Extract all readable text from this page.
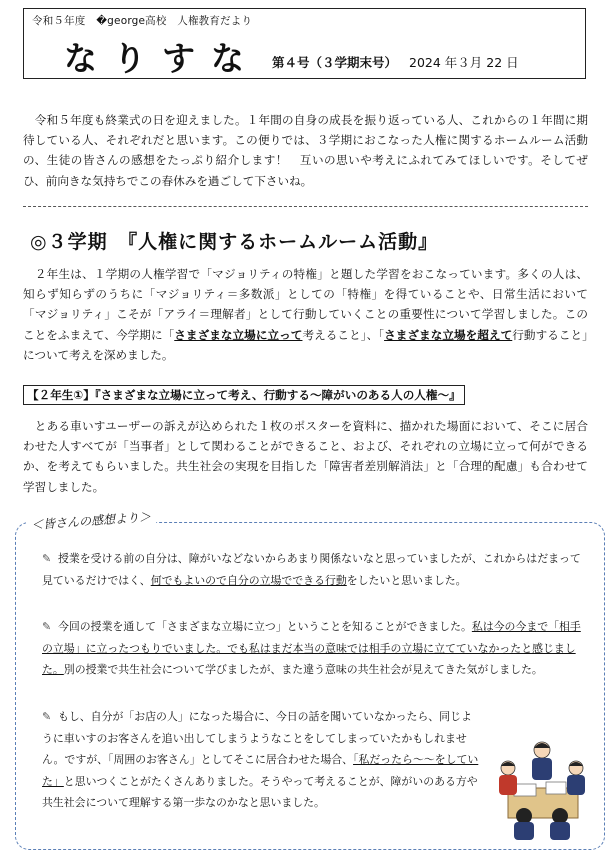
令和５年度　�george高校　人権教育だより
なりすな 第４号（３学期末号） 2024 年３月 22 日

　令和５年度も終業式の日を迎えました。１年間の自身の成長を振り返っている人、これからの１年間に期待している人、それぞれだと思います。この便りでは、３学期におこなった人権に関するホームルーム活動の、生徒の皆さんの感想をたっぷり紹介します！　互いの思いや考えにふれてみてほしいです。そしてぜひ、前向きな気持ちでこの春休みを過ごして下さいね。

◎３学期　『人権に関するホームルーム活動』

　２年生は、１学期の人権学習で「マジョリティの特権」と題した学習をおこなっています。多くの人は、知らず知らずのうちに「マジョリティ＝多数派」としての「特権」を得ていることや、日常生活において「マジョリティ」こそが「アライ＝理解者」として行動していくことの重要性について学習しました。このことをふまえて、今学期に「さまざまな立場に立って考えること」、「さまざまな立場を超えて行動すること」について考えを深めました。

【２年生①】『さまざまな立場に立って考え、行動する～障がいのある人の人権～』

　とある車いすユーザーの訴えが込められた１枚のポスターを資料に、描かれた場面において、そこに居合わせた人すべてが「当事者」として関わることができること、および、それぞれの立場に立って何ができるか、を考えてもらいました。共生社会の実現を目指した「障害者差別解消法」と「合理的配慮」も合わせて学習しました。

＜皆さんの感想より＞

✎ 授業を受ける前の自分は、障がいなどないからあまり関係ないなと思っていましたが、これからはだまって見ているだけではく、何でもよいので自分の立場でできる行動をしたいと思いました。

✎ 今回の授業を通して「さまざまな立場に立つ」ということを知ることができました。私は今の今まで「相手の立場」に立ったつもりでいました。でも私はまだ本当の意味では相手の立場に立てていなかったと感じました。別の授業で共生社会について学びましたが、また違う意味の共生社会が見えてきた気がしました。

✎ もし、自分が「お店の人」になった場合に、今日の話を聞いていなかったら、同じように車いすのお客さんを追い出してしまうようなことをしてしまっていたかもしれません。ですが、「周囲のお客さん」としてそこに居合わせた場合、「私だったら～～をしていた」と思いつくことがたくさんありました。そうやって考えることが、障がいのある方や共生社会について理解する第一歩なのかなと思いました。
